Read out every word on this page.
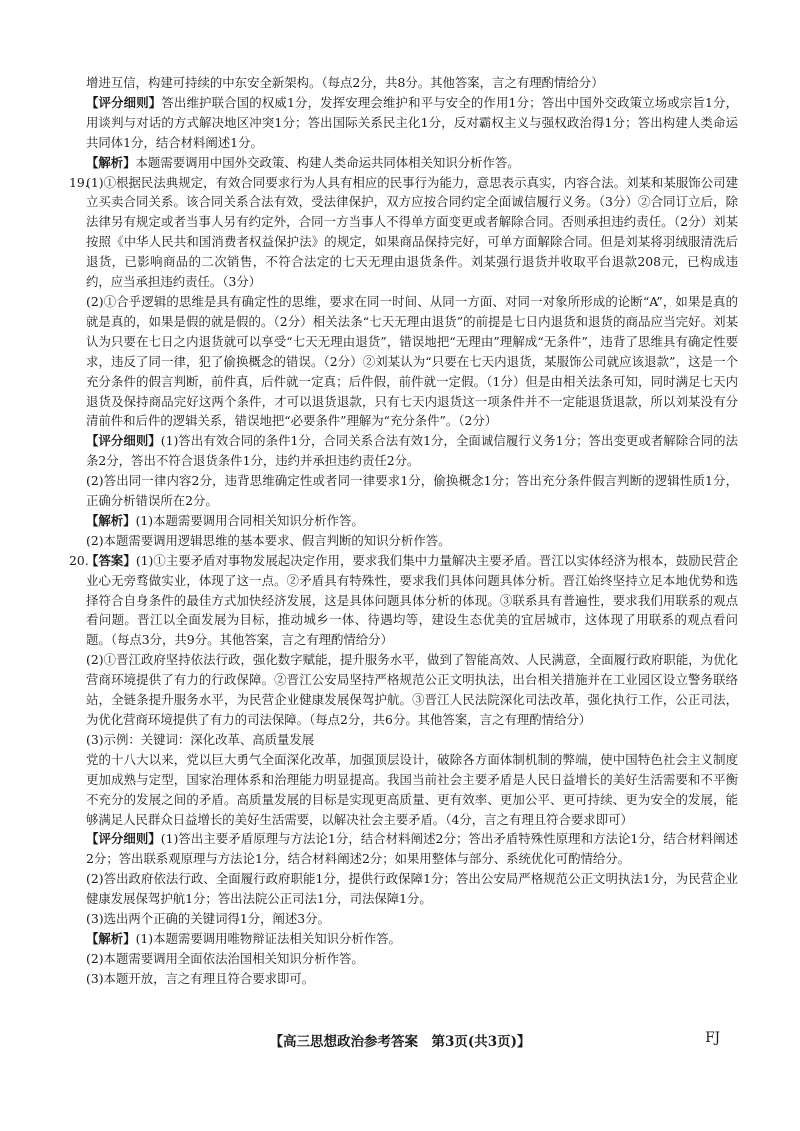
增进互信，构建可持续的中东安全新架构。（每点2分，共8分。其他答案，言之有理酌情给分）

【评分细则】答出维护联合国的权威1分，发挥安理会维护和平与安全的作用1分；答出中国外交政策立场或宗旨1分，用谈判与对话的方式解决地区冲突1分；答出国际关系民主化1分，反对霸权主义与强权政治得1分；答出构建人类命运共同体1分，结合材料阐述1分。

【解析】本题需要调用中国外交政策、构建人类命运共同体相关知识分析作答。

19.(1)①根据民法典规定，有效合同要求行为人具有相应的民事行为能力，意思表示真实，内容合法。刘某和某服饰公司建立买卖合同关系。该合同关系合法有效，受法律保护，双方应按合同约定全面诚信履行义务。（3分）②合同订立后，除法律另有规定或者当事人另有约定外，合同一方当事人不得单方面变更或者解除合同。否则承担违约责任。（2分）刘某按照《中华人民共和国消费者权益保护法》的规定，如果商品保持完好，可单方面解除合同。但是刘某将羽绒服清洗后退货，已影响商品的二次销售，不符合法定的七天无理由退货条件。刘某强行退货并收取平台退款208元，已构成违约，应当承担违约责任。（3分）

(2)①合乎逻辑的思维是具有确定性的思维，要求在同一时间、从同一方面、对同一对象所形成的论断“A”，如果是真的就是真的，如果是假的就是假的。（2分）相关法条“七天无理由退货”的前提是七日内退货和退货的商品应当完好。刘某认为只要在七日之内退货就可以享受“七天无理由退货”，错误地把“无理由”理解成“无条件”，违背了思维具有确定性要求，违反了同一律，犯了偷换概念的错误。（2分）②刘某认为“只要在七天内退货，某服饰公司就应该退款”，这是一个充分条件的假言判断，前件真，后件就一定真；后件假，前件就一定假。（1分）但是由相关法条可知，同时满足七天内退货及保持商品完好这两个条件，才可以退货退款，只有七天内退货这一项条件并不一定能退货退款，所以刘某没有分清前件和后件的逻辑关系，错误地把“必要条件”理解为“充分条件”。（2分）

【评分细则】(1)答出有效合同的条件1分，合同关系合法有效1分，全面诚信履行义务1分；答出变更或者解除合同的法条2分，答出不符合退货条件1分，违约并承担违约责任2分。

(2)答出同一律内容2分，违背思维确定性或者同一律要求1分，偷换概念1分；答出充分条件假言判断的逻辑性质1分，正确分析错误所在2分。

【解析】(1)本题需要调用合同相关知识分析作答。

(2)本题需要调用逻辑思维的基本要求、假言判断的知识分析作答。

20.【答案】(1)①主要矛盾对事物发展起决定作用，要求我们集中力量解决主要矛盾。晋江以实体经济为根本，鼓励民营企业心无旁骛做实业，体现了这一点。②矛盾具有特殊性，要求我们具体问题具体分析。晋江始终坚持立足本地优势和选择符合自身条件的最佳方式加快经济发展，这是具体问题具体分析的体现。③联系具有普遍性，要求我们用联系的观点看问题。晋江以全面发展为目标，推动城乡一体、待遇均等，建设生态优美的宜居城市，这体现了用联系的观点看问题。（每点3分，共9分。其他答案，言之有理酌情给分）

(2)①晋江政府坚持依法行政，强化数字赋能，提升服务水平，做到了智能高效、人民满意，全面履行政府职能，为优化营商环境提供了有力的行政保障。②晋江公安局坚持严格规范公正文明执法，出台相关措施并在工业园区设立警务联络站，全链条提升服务水平，为民营企业健康发展保驾护航。③晋江人民法院深化司法改革，强化执行工作，公正司法，为优化营商环境提供了有力的司法保障。（每点2分，共6分。其他答案，言之有理酌情给分）

(3)示例：关键词：深化改革、高质量发展

党的十八大以来，党以巨大勇气全面深化改革，加强顶层设计，破除各方面体制机制的弊端，使中国特色社会主义制度更加成熟与定型，国家治理体系和治理能力明显提高。我国当前社会主要矛盾是人民日益增长的美好生活需要和不平衡不充分的发展之间的矛盾。高质量发展的目标是实现更高质量、更有效率、更加公平、更可持续、更为安全的发展，能够满足人民群众日益增长的美好生活需要，以解决社会主要矛盾。（4分，言之有理且符合要求即可）

【评分细则】(1)答出主要矛盾原理与方法论1分，结合材料阐述2分；答出矛盾特殊性原理和方法论1分，结合材料阐述2分；答出联系观原理与方法论1分，结合材料阐述2分；如果用整体与部分、系统优化可酌情给分。

(2)答出政府依法行政、全面履行政府职能1分，提供行政保障1分；答出公安局严格规范公正文明执法1分，为民营企业健康发展保驾护航1分；答出法院公正司法1分，司法保障1分。

(3)选出两个正确的关键词得1分，阐述3分。

【解析】(1)本题需要调用唯物辩证法相关知识分析作答。

(2)本题需要调用全面依法治国相关知识分析作答。

(3)本题开放，言之有理且符合要求即可。

【高三思想政治参考答案　第3页(共3页)】	FJ
